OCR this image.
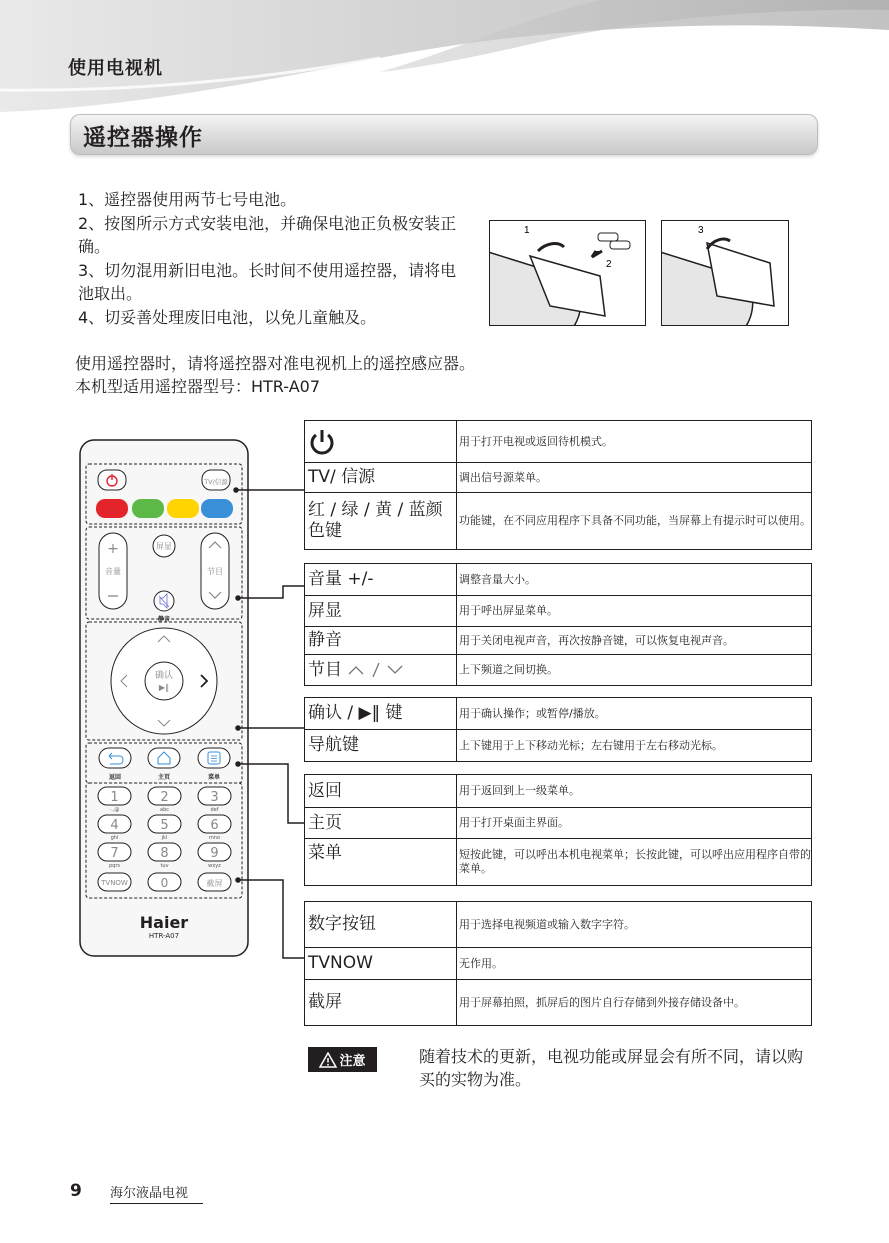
使用电视机
遥控器操作

1、遥控器使用两节七号电池。

2、按图所示方式安装电池，并确保电池正负极安装正确。

3、切勿混用新旧电池。长时间不使用遥控器，请将电池取出。

4、切妥善处理废旧电池，以免儿童触及。

1
2
3
使用遥控器时，请将遥控器对准电视机上的遥控感应器。
本机型适用遥控器型号：HTR-A07
TV/信源
+
音量
屏显
静音
节目
确认
▶‖
返回	主页	菜单
1
·.,@
2
abc
3
def
4
ghi
5
jkl
6
mno
7
pqrs
8
tuv
9
wxyz
TVNOW	0	截屏
Haier
HTR-A07
	用于打开电视或返回待机模式。
TV/ 信源	调出信号源菜单。
红 / 绿 / 黄 / 蓝颜色键	功能键，在不同应用程序下具备不同功能，当屏幕上有提示时可以使用。
音量 +/-	调整音量大小。
屏显	用于呼出屏显菜单。
静音	用于关闭电视声音，再次按静音键，可以恢复电视声音。
节目	上下频道之间切换。
确认 / ▶‖ 键	用于确认操作；或暂停/播放。
导航键	上下键用于上下移动光标；左右键用于左右移动光标。
返回	用于返回到上一级菜单。
主页	用于打开桌面主界面。
菜单	短按此键，可以呼出本机电视菜单；长按此键，可以呼出应用程序自带的菜单。
数字按钮	用于选择电视频道或输入数字字符。
TVNOW	无作用。
截屏	用于屏幕拍照，抓屏后的图片自行存储到外接存储设备中。
注意	随着技术的更新，电视功能或屏显会有所不同，请以购买的实物为准。
9 海尔液晶电视
